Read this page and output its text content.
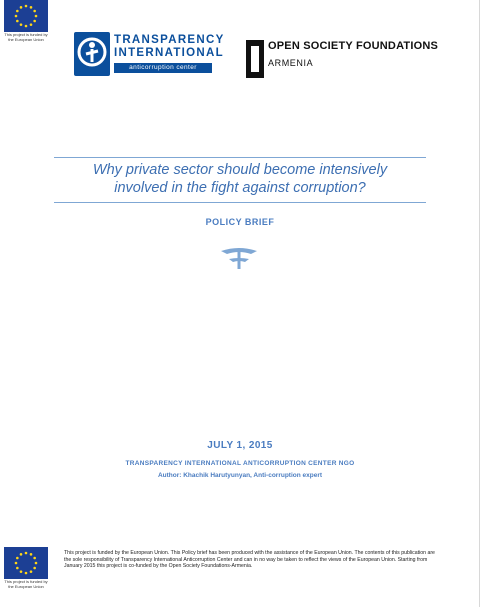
This project is funded by the European Union	TRANSPARENCY
INTERNATIONAL
anticorruption center
OPEN SOCIETY FOUNDATIONS
ARMENIA
Why private sector should become intensively
involved in the fight against corruption?
POLICY BRIEF
JULY 1, 2015
TRANSPARENCY INTERNATIONAL ANTICORRUPTION CENTER NGO
Author: Khachik Harutyunyan, Anti-corruption expert
This project is funded by the European Union
This project is funded by the European Union. This Policy brief has been produced with the assistance of the European Union. The contents of this publication are the sole responsibility of Transparency International Anticorruption Center and can in no way be taken to reflect the views of the European Union. Starting from January 2015 this project is co-funded by the Open Society Foundations-Armenia.
